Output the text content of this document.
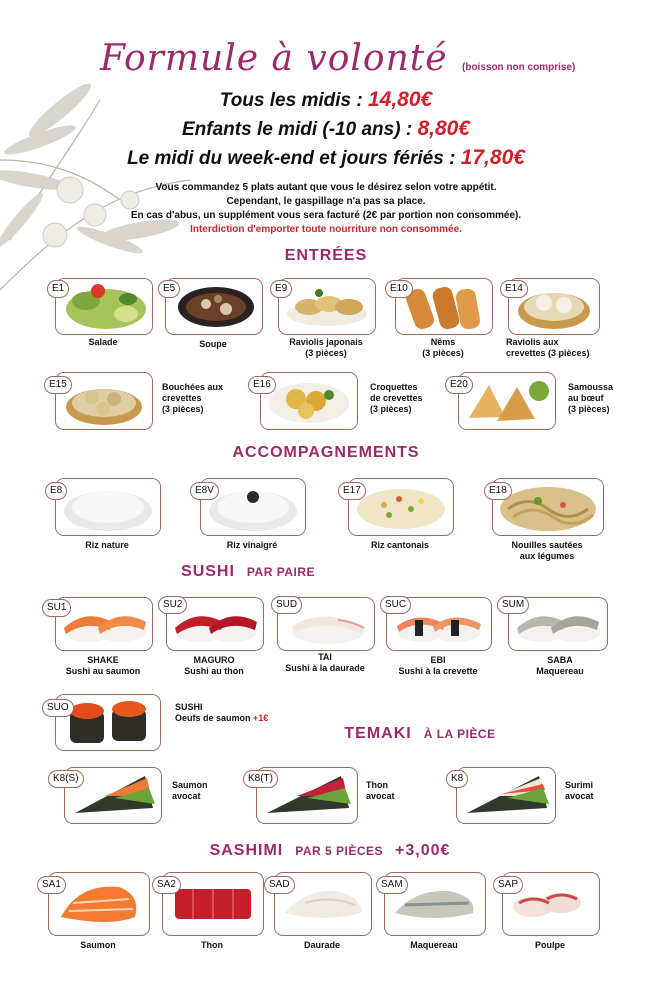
Formule à volonté (boisson non comprise)
Tous les midis : 14,80€
Enfants le midi (-10 ans) : 8,80€
Le midi du week-end et jours fériés : 17,80€
Vous commandez 5 plats autant que vous le désirez selon votre appétit.
Cependant, le gaspillage n'a pas sa place.
En cas d'abus, un supplément vous sera facturé (2€ par portion non consommée).
Interdiction d'emporter toute nourriture non consommée.
ENTRÉES
E1
Salade
E5
Soupe
E9
Raviolis japonais
(3 pièces)
E10
Nêms
(3 pièces)
E14
Raviolis aux
crevettes (3 pièces)
E15	Bouchées aux
crevettes
(3 pièces)
E16	Croquettes
de crevettes
(3 pièces)
E20	Samoussa
au bœuf
(3 pièces)
ACCOMPAGNEMENTS
E8
Riz nature
E8V
Riz vinaigré
E17
Riz cantonais
E18
Nouilles sautées
aux légumes
SUSHI PAR PAIRE
SU1
SHAKE
Sushi au saumon
SU2
MAGURO
Sushi au thon
SUD
TAI
Sushi à la daurade
SUC
EBI
Sushi à la crevette
SUM
SABA
Maquereau
SUO	SUSHI
Oeufs de saumon +1€
TEMAKI À LA PIÈCE
K8(S)
Saumon
avocat
K8(T)
Thon
avocat
K8
Surimi
avocat
SASHIMI PAR 5 PIÈCES +3,00€
SA1
Saumon
SA2
Thon
SAD
Daurade
SAM
Maquereau
SAP
Poulpe
